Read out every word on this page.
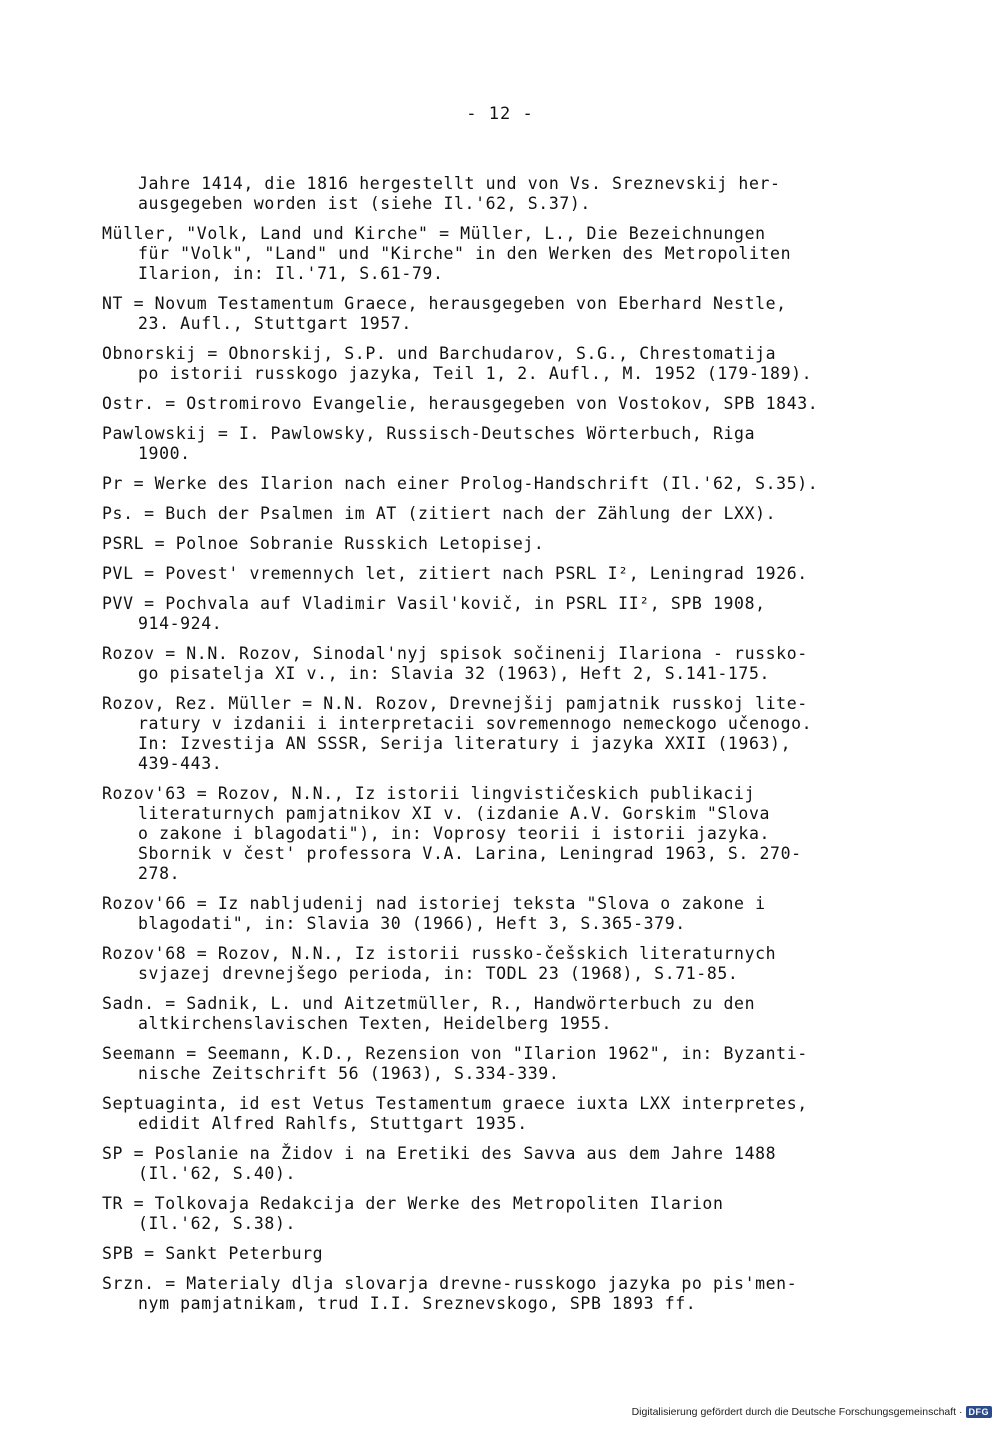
- 12 -
Jahre 1414, die 1816 hergestellt und von Vs. Sreznevskij her-
ausgegeben worden ist (siehe Il.'62, S.37).
Müller, "Volk, Land und Kirche" = Müller, L., Die Bezeichnungen
für "Volk", "Land" und "Kirche" in den Werken des Metropoliten
Ilarion, in: Il.'71, S.61-79.
NT = Novum Testamentum Graece, herausgegeben von Eberhard Nestle,
23. Aufl., Stuttgart 1957.
Obnorskij = Obnorskij, S.P. und Barchudarov, S.G., Chrestomatija
po istorii russkogo jazyka, Teil 1, 2. Aufl., M. 1952 (179-189).
Ostr. = Ostromirovo Evangelie, herausgegeben von Vostokov, SPB 1843.
Pawlowskij = I. Pawlowsky, Russisch-Deutsches Wörterbuch, Riga
1900.
Pr = Werke des Ilarion nach einer Prolog-Handschrift (Il.'62, S.35).
Ps. = Buch der Psalmen im AT (zitiert nach der Zählung der LXX).
PSRL = Polnoe Sobranie Russkich Letopisej.
PVL = Povest' vremennych let, zitiert nach PSRL I², Leningrad 1926.
PVV = Pochvala auf Vladimir Vasil'kovič, in PSRL II², SPB 1908,
914-924.
Rozov = N.N. Rozov, Sinodal'nyj spisok sočinenij Ilariona - russko-
go pisatelja XI v., in: Slavia 32 (1963), Heft 2, S.141-175.
Rozov, Rez. Müller = N.N. Rozov, Drevnejšij pamjatnik russkoj lite-
ratury v izdanii i interpretacii sovremennogo nemeckogo učenogo.
In: Izvestija AN SSSR, Serija literatury i jazyka XXII (1963),
439-443.
Rozov'63 = Rozov, N.N., Iz istorii lingvističeskich publikacij
literaturnych pamjatnikov XI v. (izdanie A.V. Gorskim "Slova
o zakone i blagodati"), in: Voprosy teorii i istorii jazyka.
Sbornik v čest' professora V.A. Larina, Leningrad 1963, S. 270-
278.
Rozov'66 = Iz nabljudenij nad istoriej teksta "Slova o zakone i
blagodati", in: Slavia 30 (1966), Heft 3, S.365-379.
Rozov'68 = Rozov, N.N., Iz istorii russko-češskich literaturnych
svjazej drevnejšego perioda, in: TODL 23 (1968), S.71-85.
Sadn. = Sadnik, L. und Aitzetmüller, R., Handwörterbuch zu den
altkirchenslavischen Texten, Heidelberg 1955.
Seemann = Seemann, K.D., Rezension von "Ilarion 1962", in: Byzanti-
nische Zeitschrift 56 (1963), S.334-339.
Septuaginta, id est Vetus Testamentum graece iuxta LXX interpretes,
edidit Alfred Rahlfs, Stuttgart 1935.
SP = Poslanie na Židov i na Eretiki des Savva aus dem Jahre 1488
(Il.'62, S.40).
TR = Tolkovaja Redakcija der Werke des Metropoliten Ilarion
(Il.'62, S.38).
SPB = Sankt Peterburg
Srzn. = Materialy dlja slovarja drevne-russkogo jazyka po pis'men-
nym pamjatnikam, trud I.I. Sreznevskogo, SPB 1893 ff.
Digitalisierung gefördert durch die Deutsche Forschungsgemeinschaft · DFG
